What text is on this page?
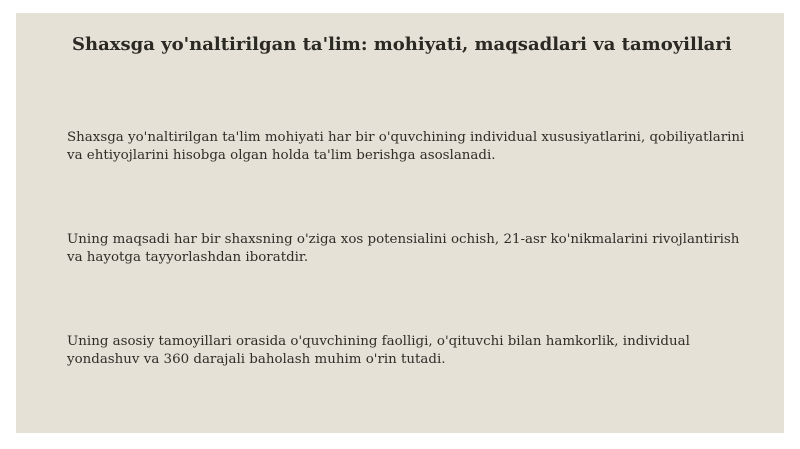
Shaxsga yo'naltirilgan ta'lim: mohiyati, maqsadlari va tamoyillari

Shaxsga yo'naltirilgan ta'lim mohiyati har bir o'quvchining individual xususiyatlarini, qobiliyatlarini va ehtiyojlarini hisobga olgan holda ta'lim berishga asoslanadi.

Uning maqsadi har bir shaxsning o'ziga xos potensialini ochish, 21-asr ko'nikmalarini rivojlantirish va hayotga tayyorlashdan iboratdir.

Uning asosiy tamoyillari orasida o'quvchining faolligi, o'qituvchi bilan hamkorlik, individual yondashuv va 360 darajali baholash muhim o'rin tutadi.
